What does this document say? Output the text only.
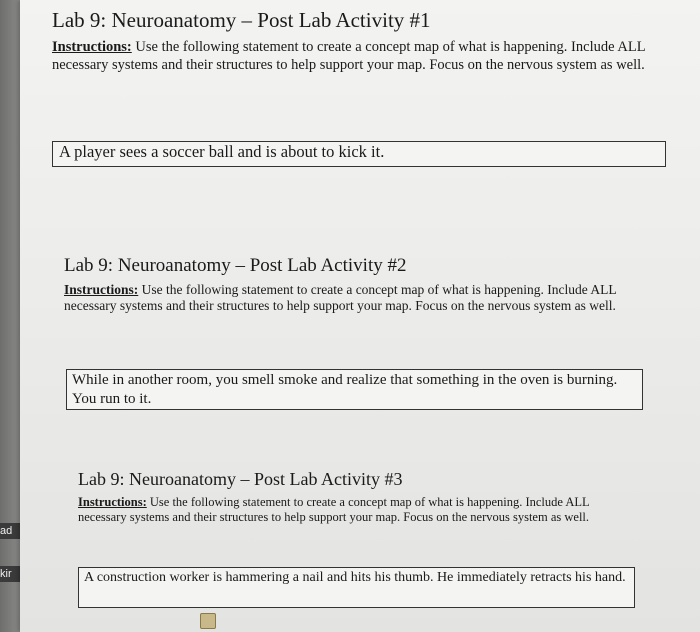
ad
kir
Lab 9: Neuroanatomy – Post Lab Activity #1

Instructions: Use the following statement to create a concept map of what is happening. Include ALL necessary systems and their structures to help support your map. Focus on the nervous system as well.

A player sees a soccer ball and is about to kick it.
Lab 9: Neuroanatomy – Post Lab Activity #2

Instructions: Use the following statement to create a concept map of what is happening. Include ALL necessary systems and their structures to help support your map. Focus on the nervous system as well.

While in another room, you smell smoke and realize that something in the oven is burning. You run to it.
Lab 9: Neuroanatomy – Post Lab Activity #3

Instructions: Use the following statement to create a concept map of what is happening. Include ALL necessary systems and their structures to help support your map. Focus on the nervous system as well.

A construction worker is hammering a nail and hits his thumb. He immediately retracts his hand.
